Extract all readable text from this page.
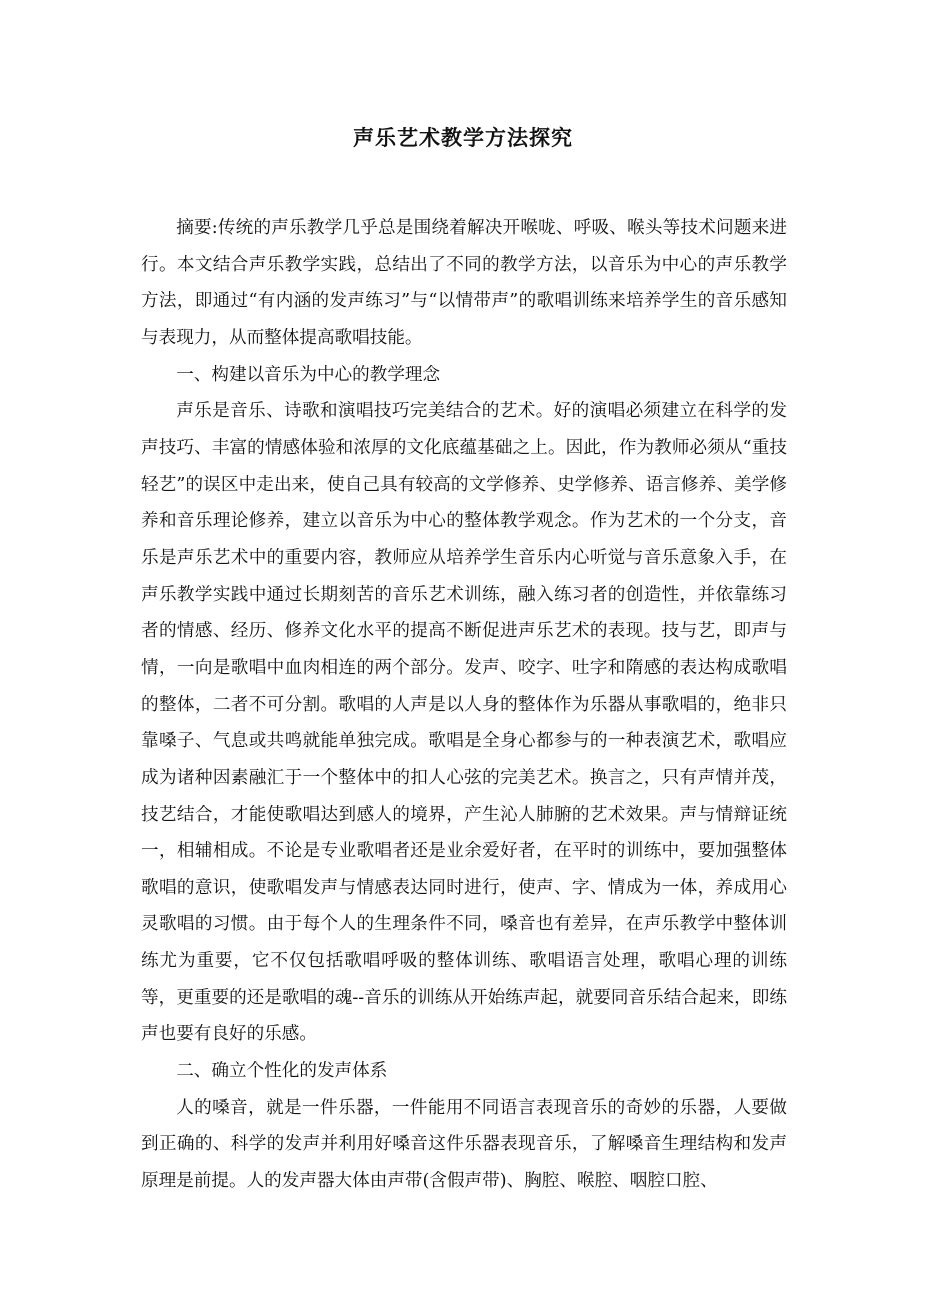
声乐艺术教学方法探究

摘要:传统的声乐教学几乎总是围绕着解决开喉咙、呼吸、喉头等技术问题来进行。本文结合声乐教学实践，总结出了不同的教学方法，以音乐为中心的声乐教学方法，即通过“有内涵的发声练习”与“以情带声”的歌唱训练来培养学生的音乐感知与表现力，从而整体提高歌唱技能。

一、构建以音乐为中心的教学理念

声乐是音乐、诗歌和演唱技巧完美结合的艺术。好的演唱必须建立在科学的发声技巧、丰富的情感体验和浓厚的文化底蕴基础之上。因此，作为教师必须从“重技轻艺”的误区中走出来，使自己具有较高的文学修养、史学修养、语言修养、美学修养和音乐理论修养，建立以音乐为中心的整体教学观念。作为艺术的一个分支，音乐是声乐艺术中的重要内容，教师应从培养学生音乐内心听觉与音乐意象入手，在声乐教学实践中通过长期刻苦的音乐艺术训练，融入练习者的创造性，并依靠练习者的情感、经历、修养文化水平的提高不断促进声乐艺术的表现。技与艺，即声与情，一向是歌唱中血肉相连的两个部分。发声、咬字、吐字和隋感的表达构成歌唱的整体，二者不可分割。歌唱的人声是以人身的整体作为乐器从事歌唱的，绝非只靠嗓子、气息或共鸣就能单独完成。歌唱是全身心都参与的一种表演艺术，歌唱应成为诸种因素融汇于一个整体中的扣人心弦的完美艺术。换言之，只有声情并茂，技艺结合，才能使歌唱达到感人的境界，产生沁人肺腑的艺术效果。声与情辩证统一，相辅相成。不论是专业歌唱者还是业余爱好者，在平时的训练中，要加强整体歌唱的意识，使歌唱发声与情感表达同时进行，使声、字、情成为一体，养成用心灵歌唱的习惯。由于每个人的生理条件不同，嗓音也有差异，在声乐教学中整体训练尤为重要，它不仅包括歌唱呼吸的整体训练、歌唱语言处理，歌唱心理的训练等，更重要的还是歌唱的魂--音乐的训练从开始练声起，就要同音乐结合起来，即练声也要有良好的乐感。

二、确立个性化的发声体系

人的嗓音，就是一件乐器，一件能用不同语言表现音乐的奇妙的乐器，人要做到正确的、科学的发声并利用好嗓音这件乐器表现音乐，了解嗓音生理结构和发声原理是前提。人的发声器大体由声带(含假声带)、胸腔、喉腔、咽腔口腔、
